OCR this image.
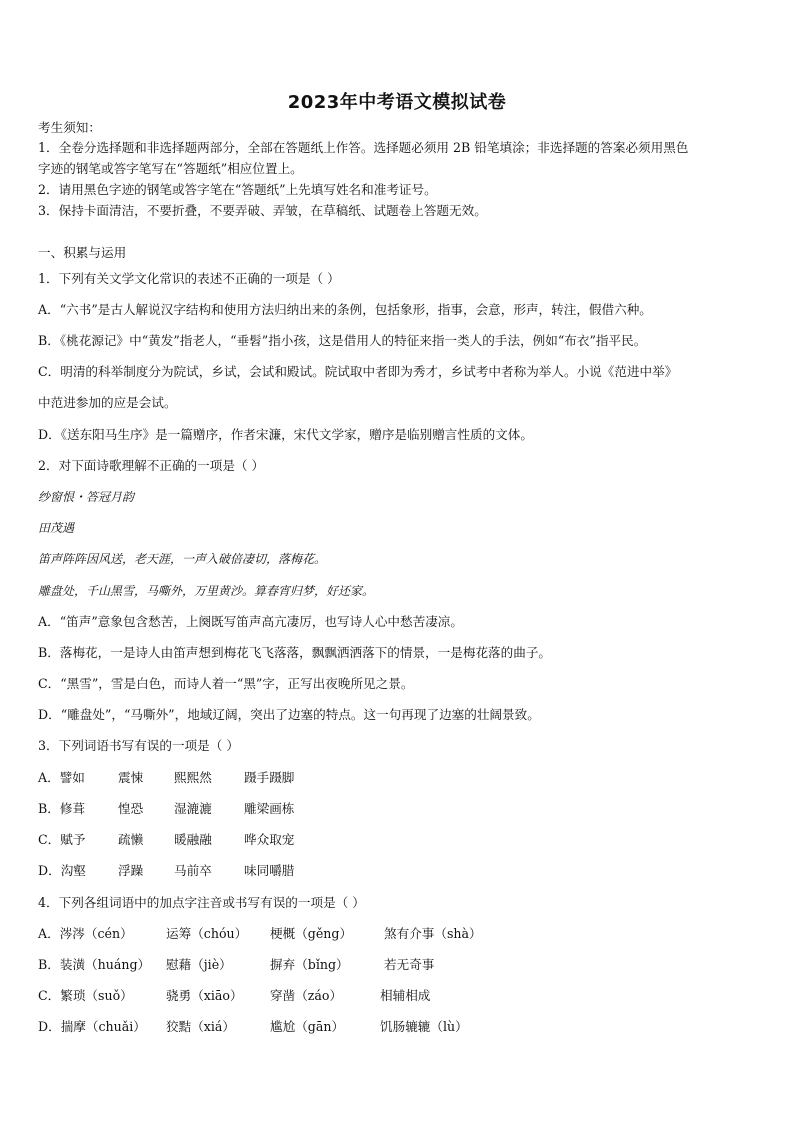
2023年中考语文模拟试卷
考生须知：
1．全卷分选择题和非选择题两部分，全部在答题纸上作答。选择题必须用 2B 铅笔填涂；非选择题的答案必须用黑色
字迹的钢笔或答字笔写在“答题纸”相应位置上。
2．请用黑色字迹的钢笔或答字笔在“答题纸”上先填写姓名和准考证号。
3．保持卡面清洁，不要折叠，不要弄破、弄皱，在草稿纸、试题卷上答题无效。
一、积累与运用
1．下列有关文学文化常识的表述不正确的一项是（ ）
A．“六书”是古人解说汉字结构和使用方法归纳出来的条例，包括象形，指事，会意，形声，转注，假借六种。
B．《桃花源记》中“黄发”指老人，“垂髫”指小孩，这是借用人的特征来指一类人的手法，例如“布衣”指平民。
C．明清的科举制度分为院试，乡试，会试和殿试。院试取中者即为秀才，乡试考中者称为举人。小说《范进中举》
中范进参加的应是会试。
D．《送东阳马生序》是一篇赠序，作者宋濂，宋代文学家，赠序是临别赠言性质的文体。
2．对下面诗歌理解不正确的一项是（ ）
纱窗恨・答冠月韵
田茂遇
笛声阵阵因风送，老天涯，一声入破倍凄切，落梅花。
雕盘处，千山黑雪，马嘶外，万里黄沙。算春宵归梦，好还家。
A．“笛声”意象包含愁苦，上阕既写笛声高亢凄厉，也写诗人心中愁苦凄凉。
B．落梅花，一是诗人由笛声想到梅花飞飞落落，飘飘洒洒落下的情景，一是梅花落的曲子。
C．“黑雪”，雪是白色，而诗人着一“黑”字，正写出夜晚所见之景。
D．“雕盘处”，“马嘶外”，地域辽阔，突出了边塞的特点。这一句再现了边塞的壮阔景致。
3．下列词语书写有误的一项是（ ）
A．譬如	震悚 熙熙然	蹑手蹑脚
B．修葺	惶恐 湿漉漉	雕梁画栋
C．赋予	疏懒 暖融融	哗众取宠
D．沟壑	浮躁 马前卒	味同嚼腊
4．下列各组词语中的加点字注音或书写有误的一项是（ ）
A．涔涔（cén）	运筹（chóu） 梗概（gěng）	煞有介事（shà）
B．装潢（huáng） 慰藉（jiè）	摒弃（bǐng）	若无奇事
C．繁琐（suǒ）	骁勇（xiāo） 穿凿（záo）	相辅相成
D．揣摩（chuǎi） 狡黠（xiá）	尴尬（gān）	饥肠辘辘（lù）
